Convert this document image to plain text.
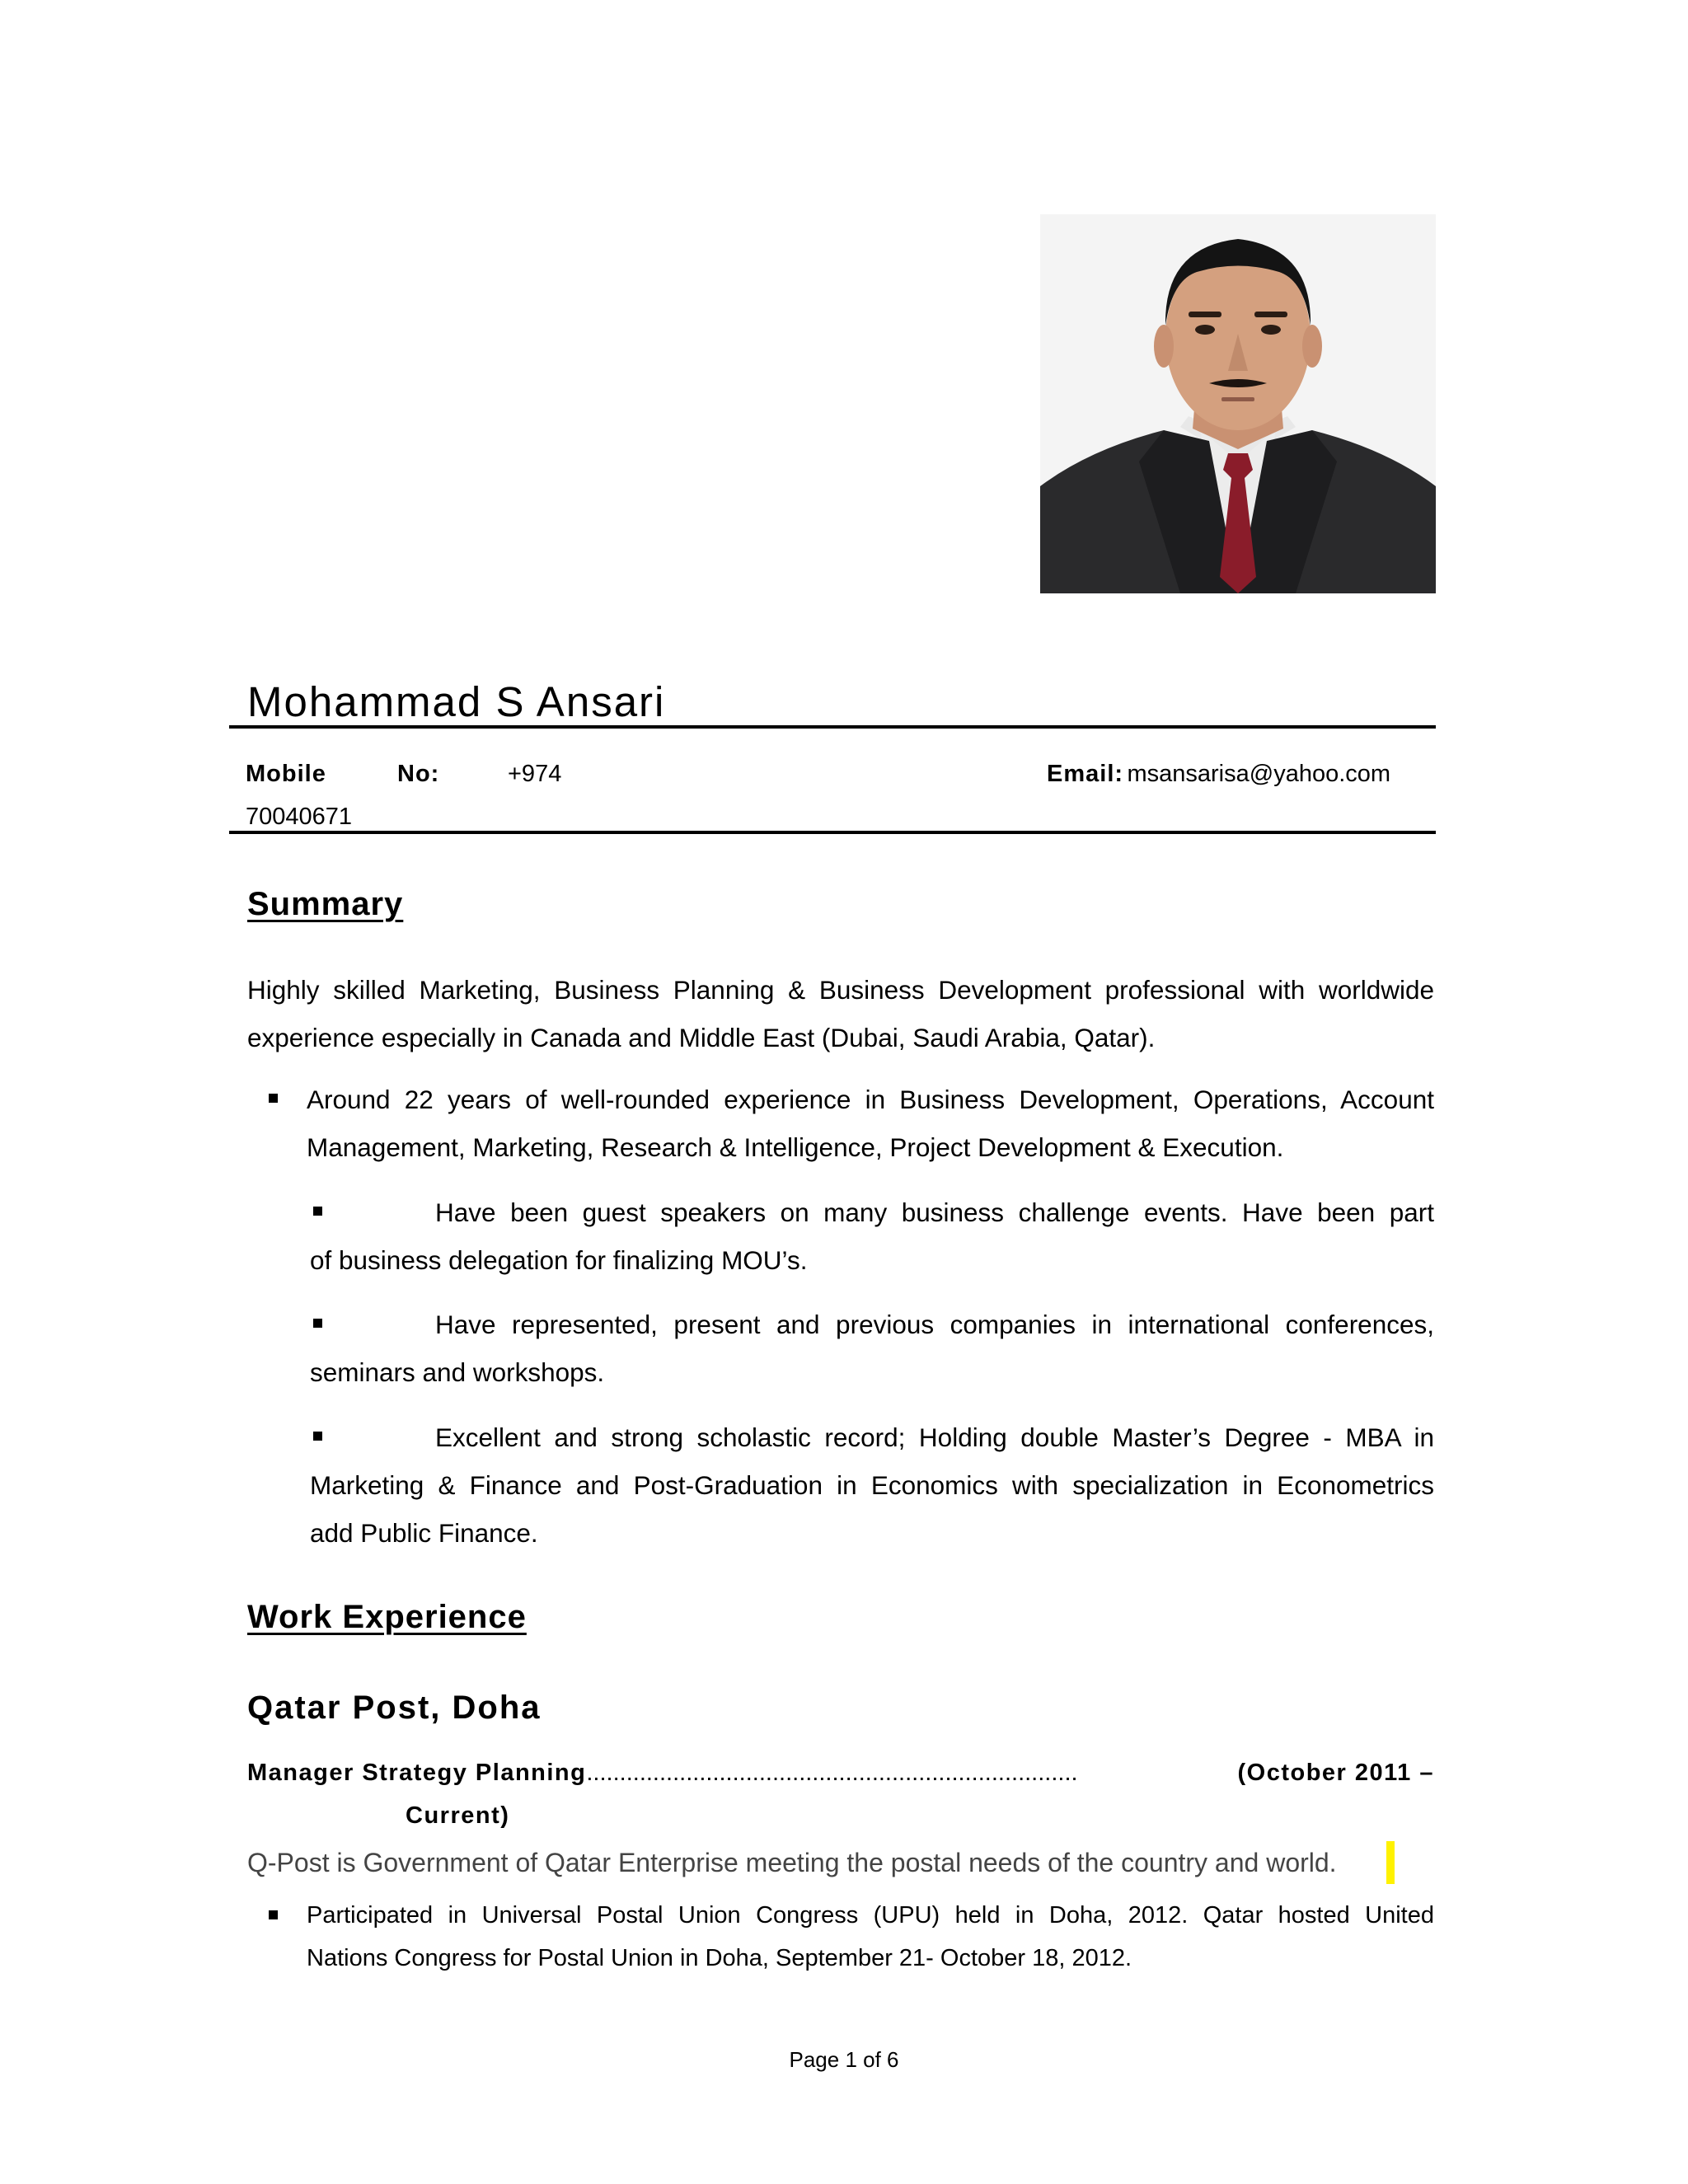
Mohammad S Ansari
Mobile	No:	+974
70040671
Email: msansarisa@yahoo.com
Summary
Highly skilled Marketing, Business Planning & Business Development professional with worldwide
experience especially in Canada and Middle East (Dubai, Saudi Arabia, Qatar).
Around 22 years of well-rounded experience in Business Development, Operations, Account
Management, Marketing, Research & Intelligence, Project Development & Execution.
Have been guest speakers on many business challenge events. Have been part
of business delegation for finalizing MOU’s.
Have represented, present and previous companies in international conferences,
seminars and workshops.
Excellent and strong scholastic record; Holding double Master’s Degree - MBA in
Marketing & Finance and Post-Graduation in Economics with specialization in Econometrics
add Public Finance.
Work Experience
Qatar Post, Doha
Manager Strategy Planning..........................................................................	(October 2011 –
Current)
Q-Post is Government of Qatar Enterprise meeting the postal needs of the country and world.
Participated in Universal Postal Union Congress (UPU) held in Doha, 2012. Qatar hosted United
Nations Congress for Postal Union in Doha, September 21- October 18, 2012.
Page 1 of 6
